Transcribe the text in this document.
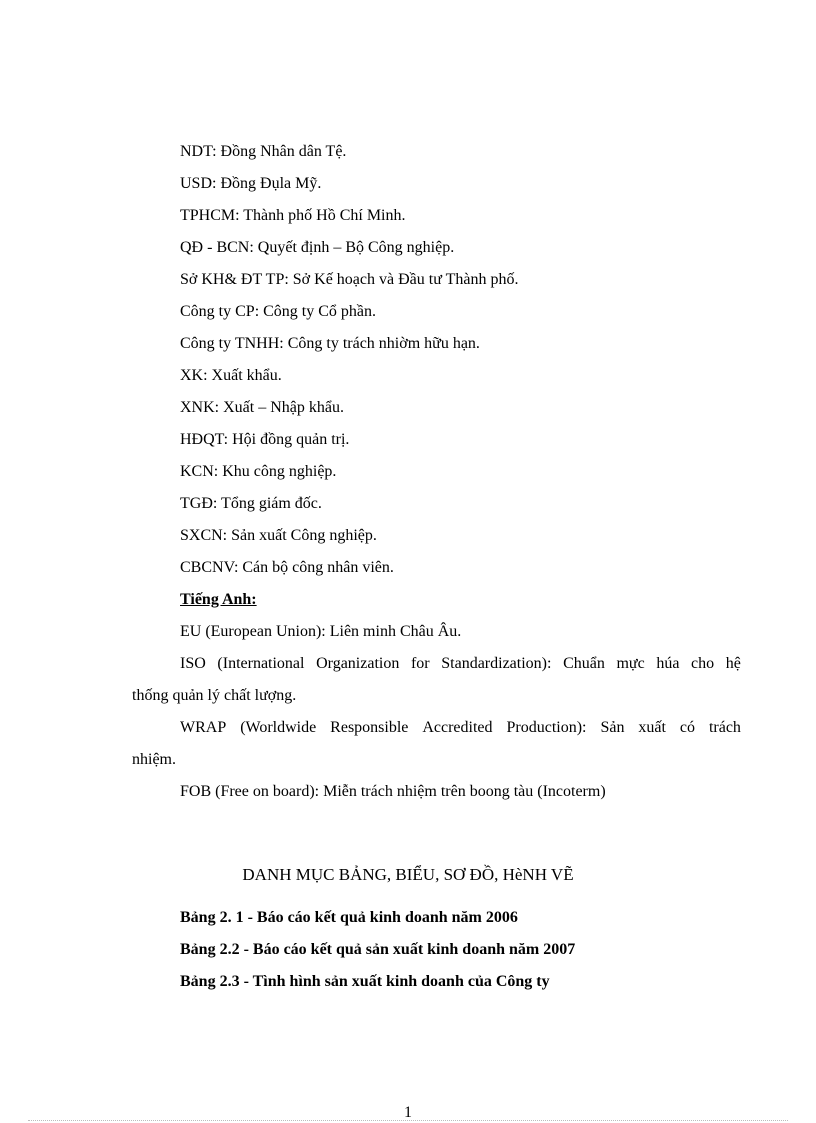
NDT: Đồng Nhân dân Tệ.
USD: Đồng Đụla Mỹ.
TPHCM: Thành phố Hồ Chí Minh.
QĐ - BCN: Quyết định – Bộ Công nghiệp.
Sở KH& ĐT TP: Sở Kế hoạch và Đầu tư Thành phố.
Công ty CP: Công ty Cổ phần.
Công ty TNHH: Công ty trách nhiờm hữu hạn.
XK: Xuất khẩu.
XNK: Xuất – Nhập khẩu.
HĐQT: Hội đồng quản trị.
KCN: Khu công nghiệp.
TGĐ: Tổng giám đốc.
SXCN: Sản xuất Công nghiệp.
CBCNV: Cán bộ công nhân viên.
Tiếng Anh:
EU (European Union): Liên minh Châu Âu.
ISO (International Organization for Standardization): Chuẩn mực húa cho hệ
thống quản lý chất lượng.
WRAP (Worldwide Responsible Accredited Production): Sản xuất có trách
nhiệm.
FOB (Free on board): Miễn trách nhiệm trên boong tàu (Incoterm)
DANH MỤC BẢNG, BIỂU, SƠ ĐỒ, HèNH VẼ
Bảng 2. 1 - Báo cáo kết quả kinh doanh năm 2006
Bảng 2.2 - Báo cáo kết quả sản xuất kinh doanh năm 2007
Bảng 2.3 - Tình hình sản xuất kinh doanh của Công ty
1
